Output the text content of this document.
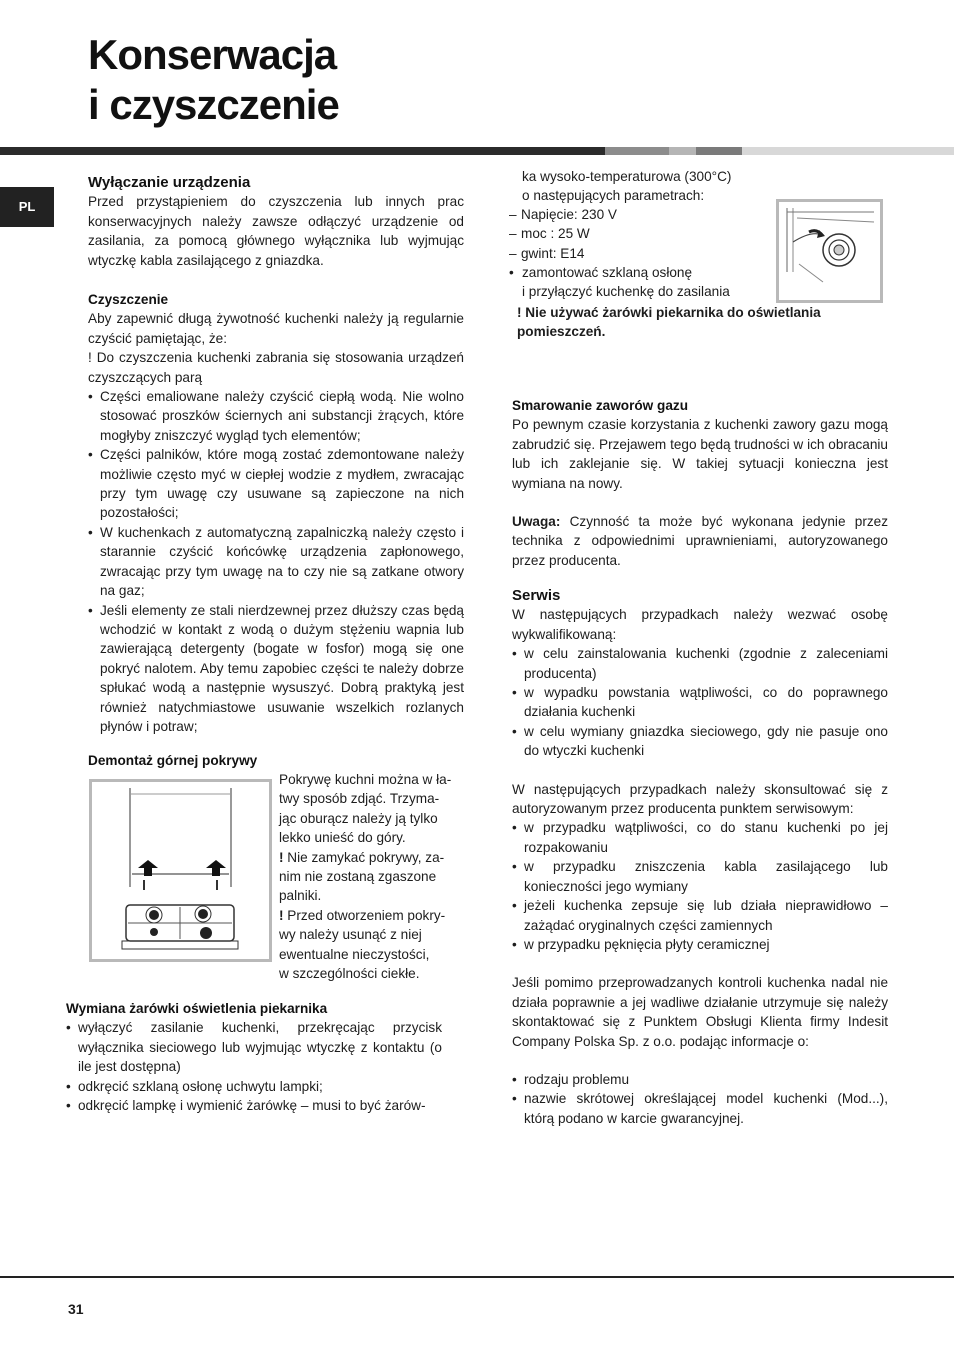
Konserwacja
i czyszczenie
PL
Wyłączanie urządzenia

Przed przystąpieniem do czyszczenia lub innych prac konserwacyjnych należy zawsze odłączyć urządzenie od zasilania, za pomocą głównego wyłącznika lub wyjmując wtyczkę kabla zasilającego z gniazdka.

Czyszczenie

Aby zapewnić długą żywotność kuchenki należy ją regularnie czyścić pamiętając, że:

! Do czyszczenia kuchenki zabrania się stosowania urządzeń czyszczących parą

• Części emaliowane należy czyścić ciepłą wodą. Nie wolno stosować proszków ściernych ani substancji żrących, które mogłyby zniszczyć wygląd tych elementów;
• Części palników, które mogą zostać zdemontowane należy możliwie często myć w ciepłej wodzie z mydłem, zwracając przy tym uwagę czy usuwane są zapieczone na nich pozostałości;
• W kuchenkach z automatyczną zapalniczką należy często i starannie czyścić końcówkę urządzenia zapłonowego, zwracając przy tym uwagę na to czy nie są zatkane otwory na gaz;
• Jeśli elementy ze stali nierdzewnej przez dłuższy czas będą wchodzić w kontakt z wodą o dużym stężeniu wapnia lub zawierającą detergenty (bogate w fosfor) mogą się one pokryć nalotem. Aby temu zapobiec części te należy dobrze spłukać wodą a następnie wysuszyć. Dobrą praktyką jest również natychmiastowe usuwanie wszelkich rozlanych płynów i potraw;
Demontaż górnej pokrywy
Pokrywę kuchni można w ła-
twy sposób zdjąć. Trzyma-
jąc oburącz należy ją tylko
lekko unieść do góry.
! Nie zamykać pokrywy, za-
nim nie zostaną zgaszone
palniki.
! Przed otworzeniem pokry-
wy należy usunąć z niej
ewentualne nieczystości,
w szczególności ciekłe.
Wymiana żarówki oświetlenia piekarnika
• wyłączyć zasilanie kuchenki, przekręcając przycisk wyłącznika sieciowego lub wyjmując wtyczkę z kontaktu (o ile jest dostępna)
• odkręcić szklaną osłonę uchwytu lampki;
• odkręcić lampkę i wymienić żarówkę – musi to być żarów-
ka wysoko-temperaturowa (300°C)
o następujących parametrach:
– Napięcie: 230 V
– moc : 25 W
– gwint: E14
• zamontować szklaną osłonę
i przyłączyć kuchenkę do zasilania
! Nie używać żarówki piekarnika do oświetlania pomieszczeń.
Smarowanie zaworów gazu

Po pewnym czasie korzystania z kuchenki zawory gazu mogą zabrudzić się. Przejawem tego będą trudności w ich obracaniu lub ich zaklejanie się. W takiej sytuacji konieczna jest wymiana na nowy.

Uwaga: Czynność ta może być wykonana jedynie przez technika z odpowiednimi uprawnieniami, autoryzowanego przez producenta.

Serwis

W następujących przypadkach należy wezwać osobę wykwalifikowaną:

• w celu zainstalowania kuchenki (zgodnie z zaleceniami producenta)
• w wypadku powstania wątpliwości, co do poprawnego działania kuchenki
• w celu wymiany gniazdka sieciowego, gdy nie pasuje ono do wtyczki kuchenki

W następujących przypadkach należy skonsultować się z autoryzowanym przez producenta punktem serwisowym:

• w przypadku wątpliwości, co do stanu kuchenki po jej rozpakowaniu
• w przypadku zniszczenia kabla zasilającego lub konieczności jego wymiany
• jeżeli kuchenka zepsuje się lub działa nieprawidłowo – zażądać oryginalnych części zamiennych
• w przypadku pęknięcia płyty ceramicznej

Jeśli pomimo przeprowadzanych kontroli kuchenka nadal nie działa poprawnie a jej wadliwe działanie utrzymuje się należy skontaktować się z Punktem Obsługi Klienta firmy Indesit Company Polska Sp. z o.o. podając informacje o:

• rodzaju problemu
• nazwie skrótowej określającej model kuchenki (Mod...), którą podano w karcie gwarancyjnej.
31
